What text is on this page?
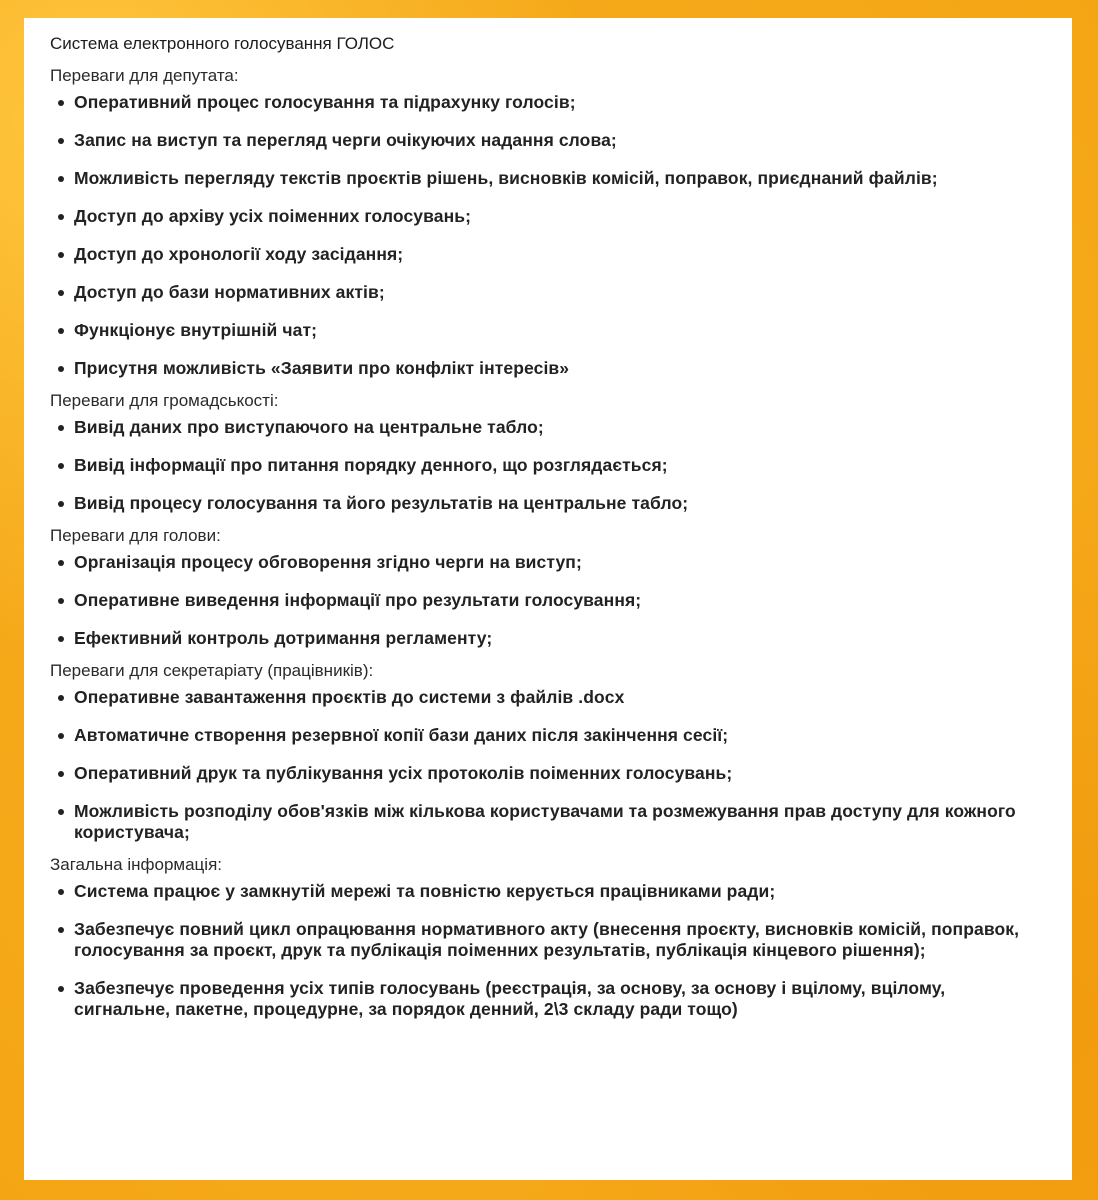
Система електронного голосування ГОЛОС
Переваги для депутата:
Оперативний процес голосування та підрахунку голосів;
Запис на виступ та перегляд черги очікуючих надання слова;
Можливість перегляду текстів проєктів рішень, висновків комісій, поправок, приєднаний файлів;
Доступ до архіву усіх поіменних голосувань;
Доступ до хронології ходу засідання;
Доступ до бази нормативних актів;
Функціонує внутрішній чат;
Присутня можливість «Заявити про конфлікт інтересів»
Переваги для громадськості:
Вивід даних про виступаючого на центральне табло;
Вивід інформації про питання порядку денного, що розглядається;
Вивід процесу голосування та його результатів на центральне табло;
Переваги для голови:
Організація процесу обговорення згідно черги на виступ;
Оперативне виведення інформації про результати голосування;
Ефективний контроль дотримання регламенту;
Переваги для секретаріату (працівників):
Оперативне завантаження проєктів до системи з файлів .docx
Автоматичне створення резервної копії бази даних після закінчення сесії;
Оперативний друк та публікування усіх протоколів поіменних голосувань;
Можливість розподілу обов'язків між кількова користувачами та розмежування прав доступу для кожного користувача;
Загальна інформація:
Система працює у замкнутій мережі та повністю керується працівниками ради;
Забезпечує повний цикл опрацювання нормативного акту (внесення проєкту, висновків комісій, поправок, голосування за проєкт, друк та публікація поіменних результатів, публікація кінцевого рішення);
Забезпечує проведення усіх типів голосувань (реєстрація, за основу, за основу і вцілому, вцілому, сигнальне, пакетне, процедурне, за порядок денний, 2\3 складу ради тощо)
